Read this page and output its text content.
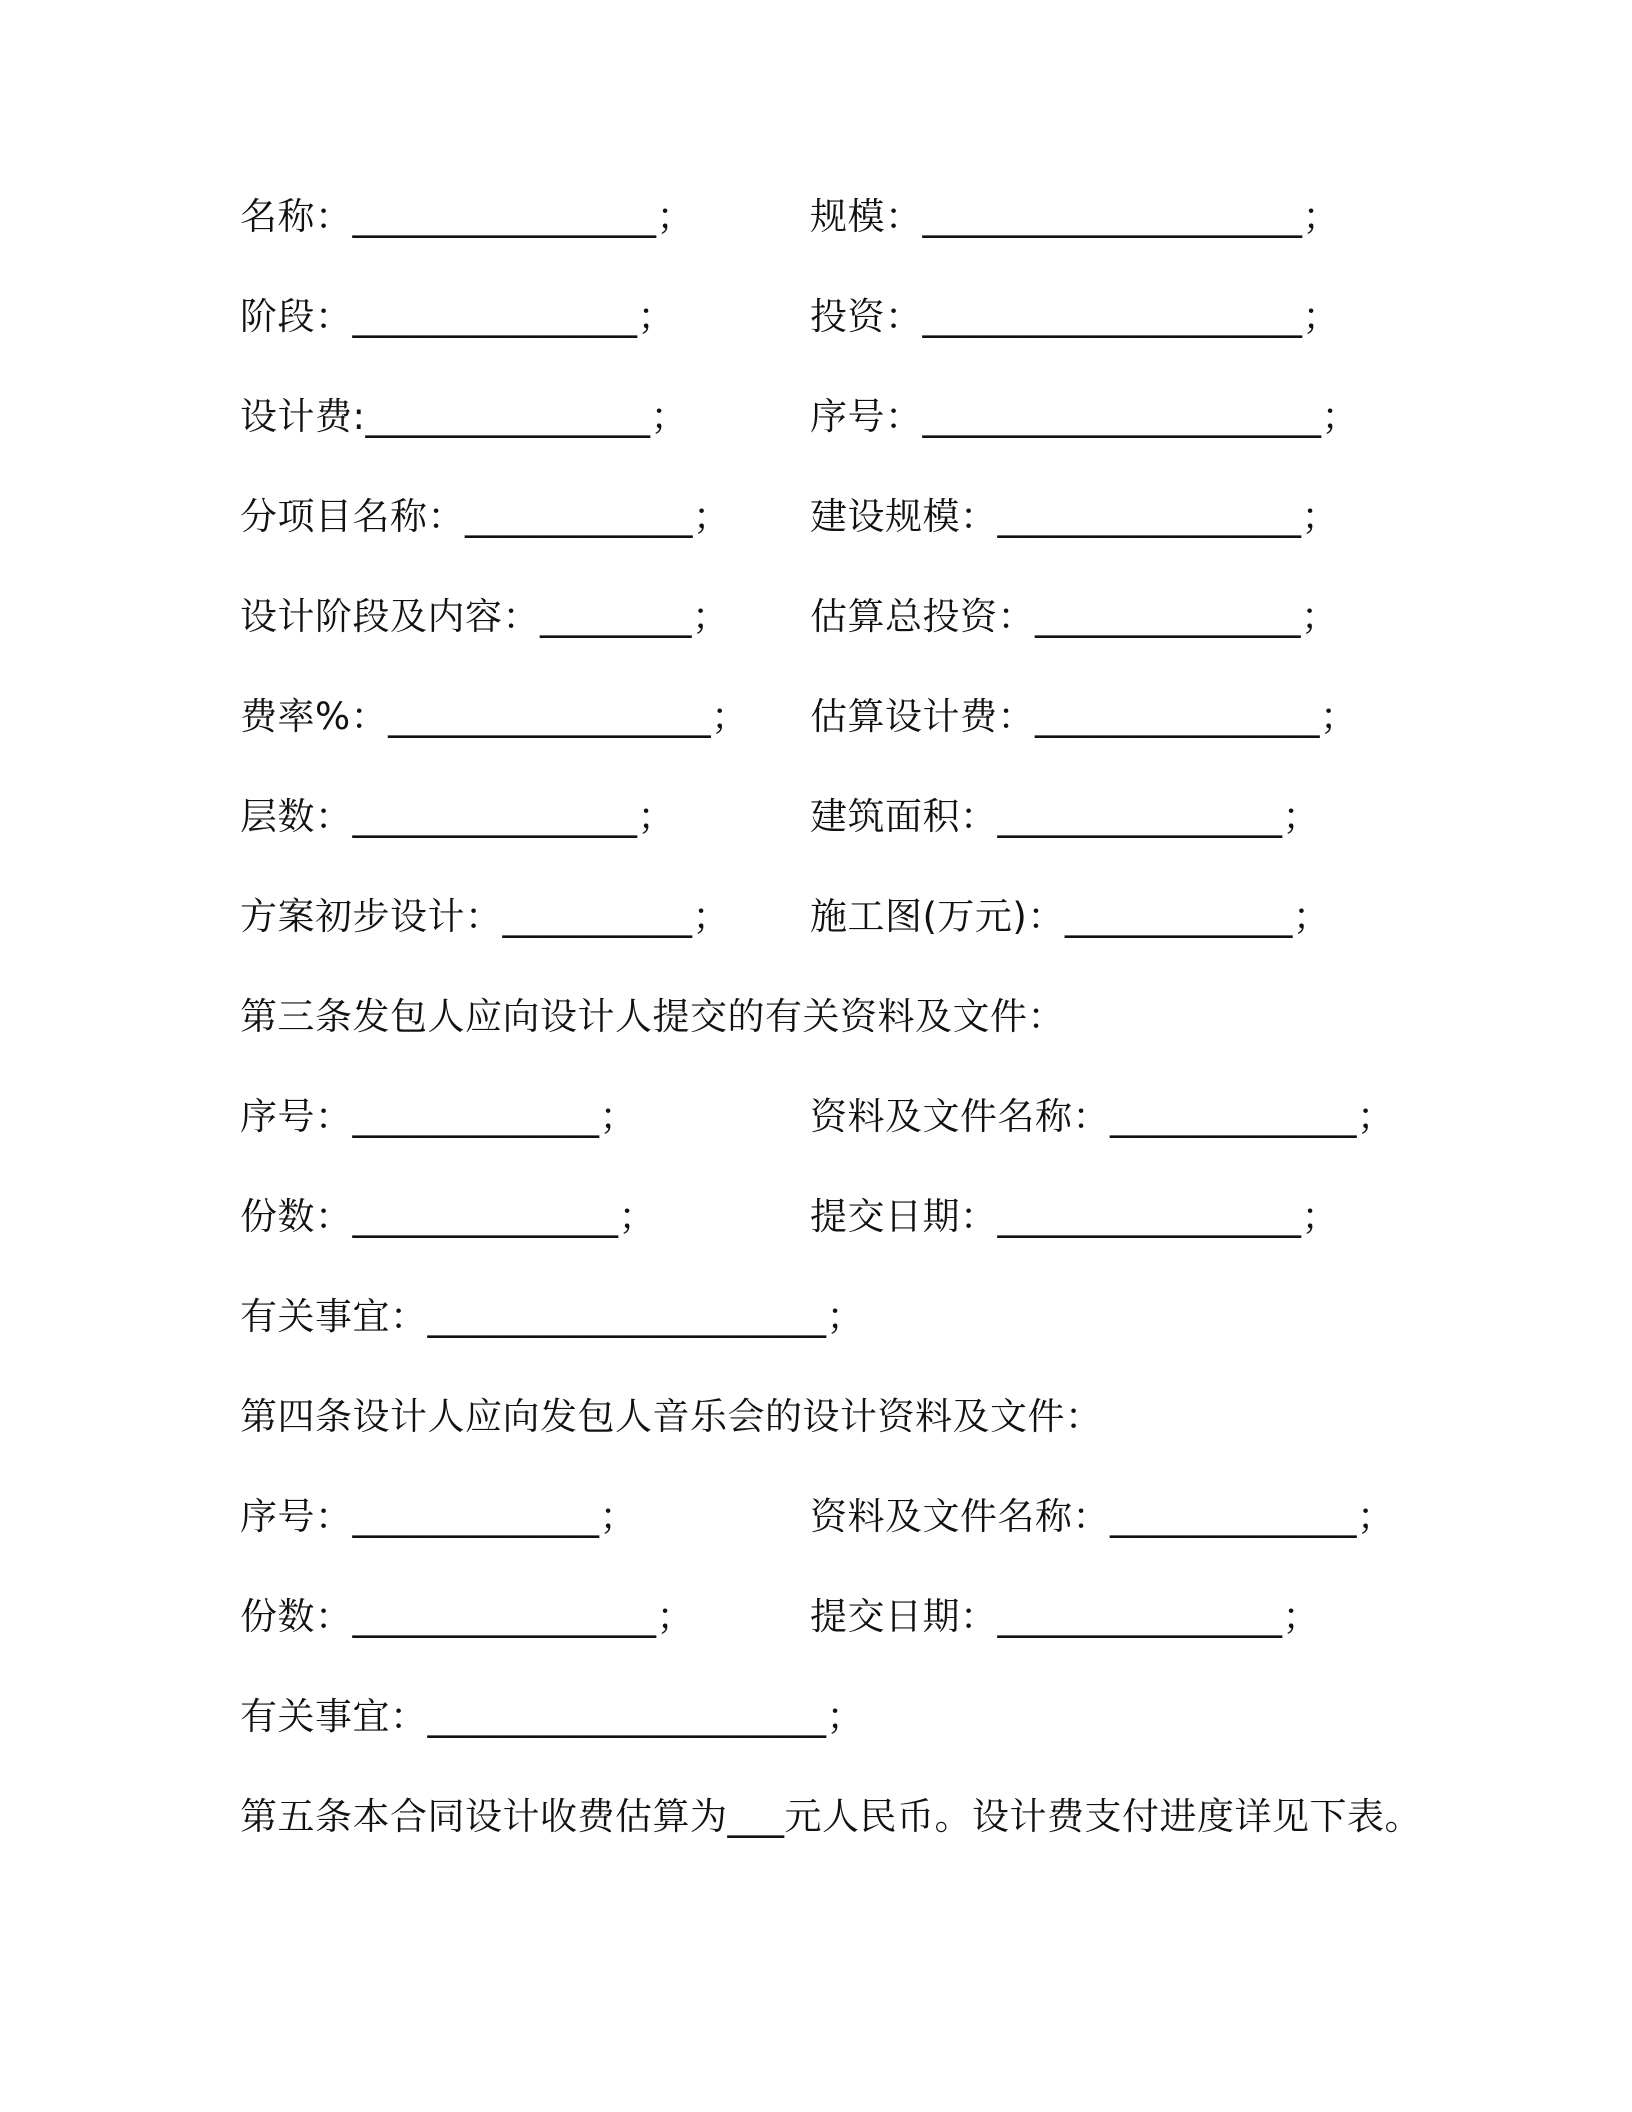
名称：________________；	规模：____________________；
阶段：_______________；	投资：____________________；
设计费:_______________；	序号：_____________________；
分项目名称：____________； 建设规模：________________；
设计阶段及内容：________； 估算总投资：______________；
费率%：_________________； 估算设计费：_______________；
层数：_______________；	建筑面积：_______________；
方案初步设计：__________； 施工图(万元)：____________；
第三条发包人应向设计人提交的有关资料及文件：
序号：_____________；	资料及文件名称：_____________；
份数：______________；	提交日期：________________；
有关事宜：_____________________；
第四条设计人应向发包人音乐会的设计资料及文件：
序号：_____________；	资料及文件名称：_____________；
份数：________________；	提交日期：_______________；
有关事宜：_____________________；
第五条本合同设计收费估算为___元人民币。设计费支付进度详见下表。
